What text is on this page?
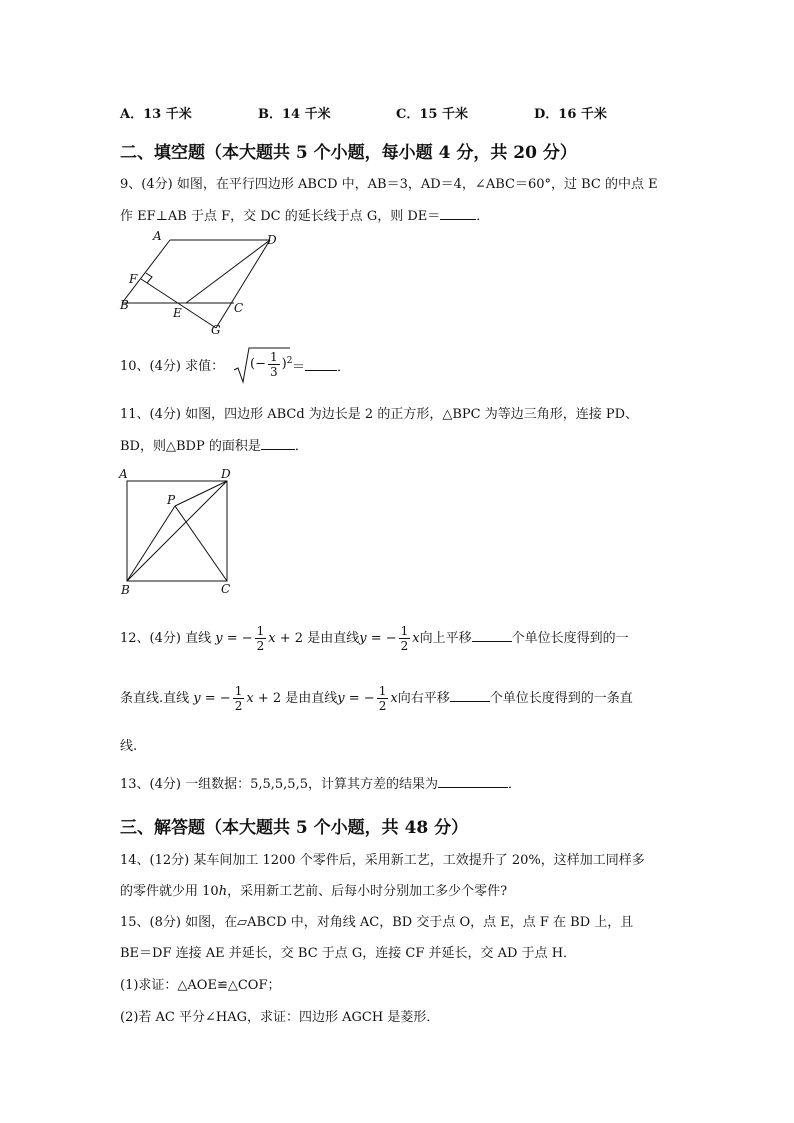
A．13 千米	B．14 千米	C．15 千米	D．16 千米
二、填空题（本大题共 5 个小题，每小题 4 分，共 20 分）
9、(4分) 如图，在平行四边形 ABCD 中，AB＝3，AD＝4，∠ABC＝60°，过 BC 的中点 E
作 EF⊥AB 于点 F，交 DC 的延长线于点 G，则 DE＝	．
A	D
F
B
E	C
G
10、(4分) 求值： (− $\frac{1}{3} )^2$ ＝ ．
11、(4分) 如图，四边形 ABCd 为边长是 2 的正方形，△BPC 为等边三角形，连接 PD、
BD，则△BDP 的面积是	．
A	D
P
B	C
12、(4分) 直线 y = − $\frac{1}{2}$ x + 2 是由直线y = − $\frac{1}{2}$ x向上平移	个单位长度得到的一
条直线.直线 y = − $\frac{1}{2}$ x + 2 是由直线y = − $\frac{1}{2}$ x向右平移	个单位长度得到的一条直
线.
13、(4分) 一组数据：5,5,5,5,5，计算其方差的结果为	．
三、解答题（本大题共 5 个小题，共 48 分）
14、(12分) 某车间加工 1200 个零件后，采用新工艺，工效提升了 20%，这样加工同样多
的零件就少用 10h，采用新工艺前、后每小时分别加工多少个零件?
15、(8分) 如图，在▱ABCD 中，对角线 AC，BD 交于点 O，点 E，点 F 在 BD 上，且
BE＝DF 连接 AE 并延长，交 BC 于点 G，连接 CF 并延长，交 AD 于点 H．
(1)求证：△AOE≌△COF；
(2)若 AC 平分∠HAG，求证：四边形 AGCH 是菱形．
